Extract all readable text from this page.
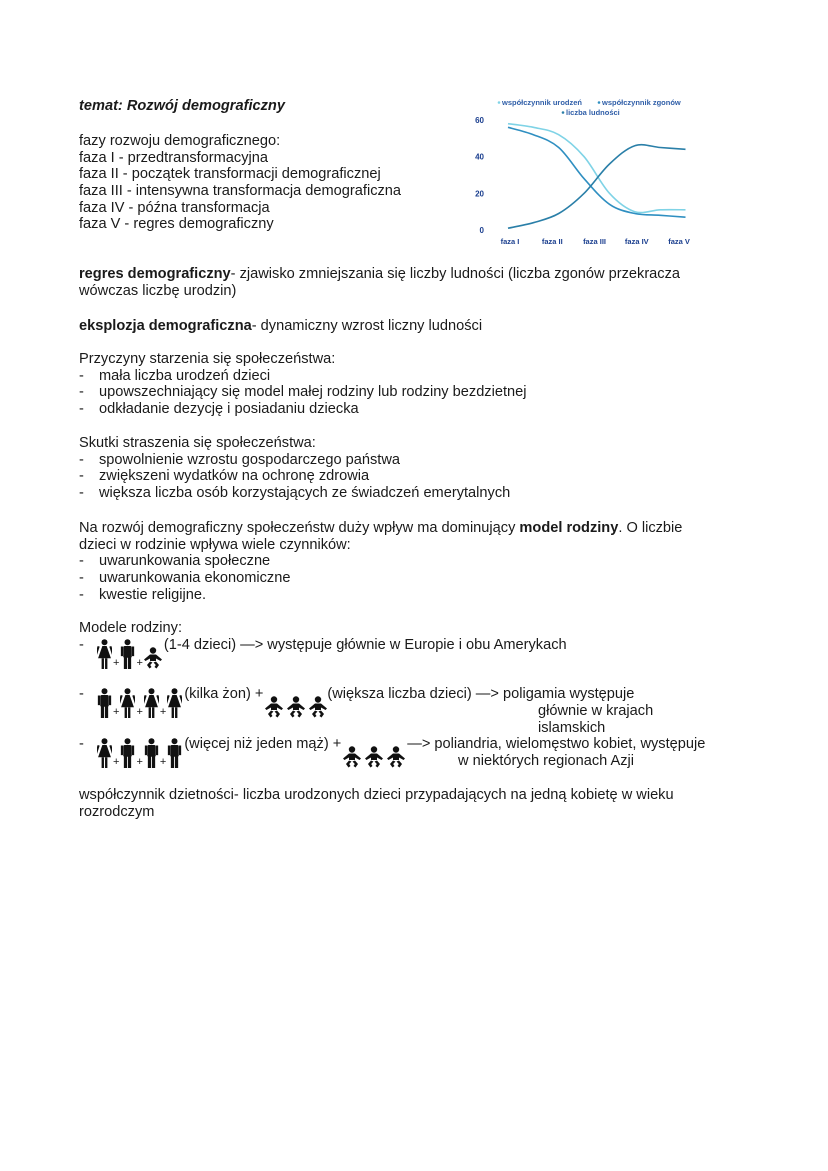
temat: Rozwój demograficzny
fazy rozwoju demograficznego:
faza I - przedtransformacyjna
faza II - początek transformacji demograficznej
faza III - intensywna transformacja demograficzna
faza IV - późna transformacja
faza V - regres demograficzny	0
20
40
60
faza I	faza II	faza III	faza IV	faza V
współczynnik urodzeń	współczynnik zgonów
liczba ludności
regres demograficzny- zjawisko zmniejszania się liczby ludności (liczba zgonów przekracza
wówczas liczbę urodzin)
eksplozja demograficzna- dynamiczny wzrost liczny ludności
Przyczyny starzenia się społeczeństwa:
- mała liczba urodzeń dzieci
- upowszechniający się model małej rodziny lub rodziny bezdzietnej
- odkładanie dezycję i posiadaniu dziecka
Skutki straszenia się społeczeństwa:
- spowolnienie wzrostu gospodarczego państwa
- zwiększeni wydatków na ochronę zdrowia
- większa liczba osób korzystających ze świadczeń emerytalnych
Na rozwój demograficzny społeczeństw duży wpływ ma dominujący model rodziny. O liczbie
dzieci w rodzinie wpływa wiele czynników:
- uwarunkowania społeczne
- uwarunkowania ekonomiczne
- kwestie religijne.
Modele rodziny:
-
+ +
(1-4 dzieci) —> występuje głównie w Europie i obu Amerykach
-
+ + +
(kilka żon) +	(większa liczba dzieci) —> poligamia występuje
głównie w krajach
islamskich
-
+ + +
(więcej niż jeden mąż) +	—> poliandria, wielomęstwo kobiet, występuje
w niektórych regionach Azji
współczynnik dzietności- liczba urodzonych dzieci przypadających na jedną kobietę w wieku
rozrodczym
